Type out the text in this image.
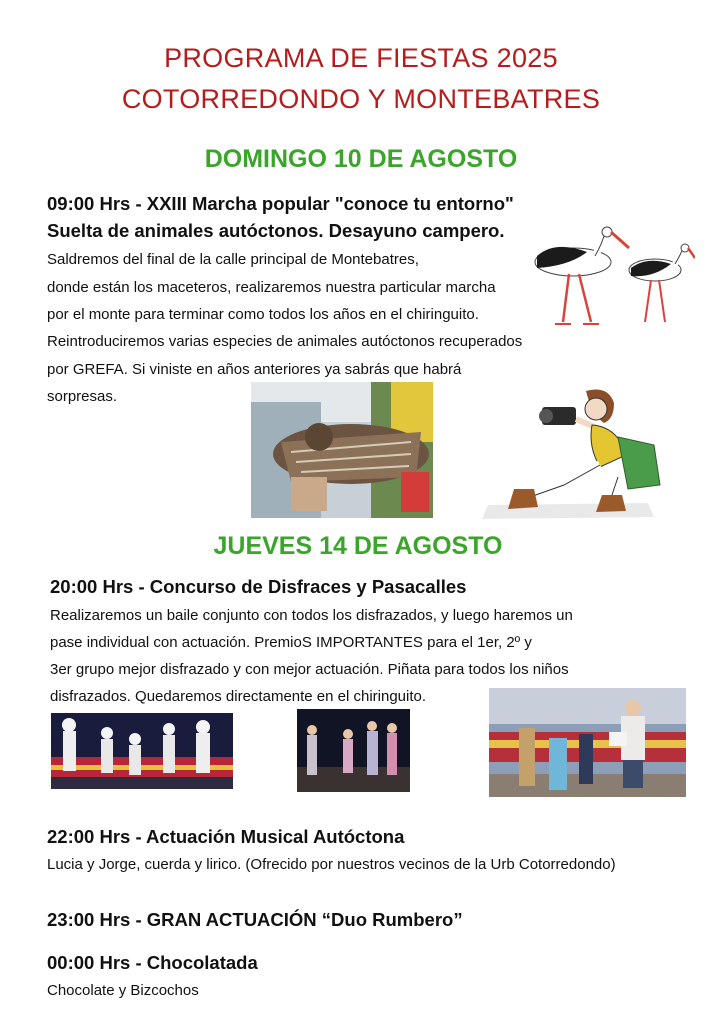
PROGRAMA DE FIESTAS 2025
COTORREDONDO Y MONTEBATRES
DOMINGO 10 DE AGOSTO
09:00 Hrs - XXIII Marcha popular "conoce tu entorno"
Suelta de animales autóctonos. Desayuno campero.
Saldremos del final de la calle principal de Montebatres,
donde están los maceteros, realizaremos nuestra particular marcha
por el monte para terminar como todos los años en el chiringuito.
Reintroduciremos varias especies de animales autóctonos recuperados
por GREFA. Si viniste en años anteriores ya sabrás que habrá
sorpresas.
JUEVES 14 DE AGOSTO
20:00 Hrs - Concurso de Disfraces y Pasacalles
Realizaremos un baile conjunto con todos los disfrazados, y luego haremos un
pase individual con actuación. PremioS IMPORTANTES para el 1er, 2º y
3er grupo mejor disfrazado y con mejor actuación. Piñata para todos los niños
disfrazados. Quedaremos directamente en el chiringuito.
22:00 Hrs - Actuación Musical Autóctona
Lucia y Jorge, cuerda y lirico. (Ofrecido por nuestros vecinos de la Urb Cotorredondo)
23:00 Hrs - GRAN ACTUACIÓN “Duo Rumbero”
00:00 Hrs - Chocolatada
Chocolate y Bizcochos
